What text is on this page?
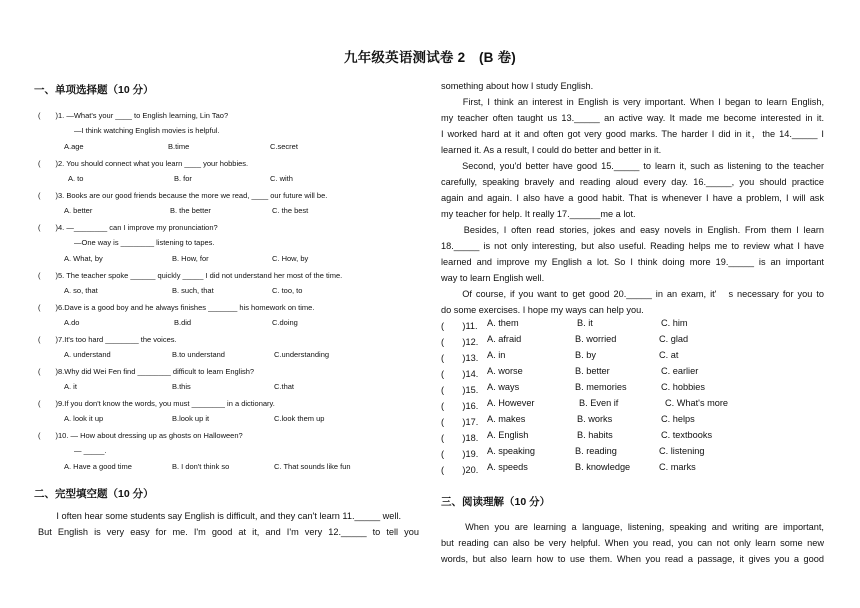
九年级英语测试卷 2　(B 卷)
一、单项选择题（10 分）
(　　)1. —What's your ____ to English learning, Lin Tao?
—I think watching English movies is helpful.
A.age	B.time	C.secret
(　　)2. You should connect what you learn ____ your hobbies.
A. to	B. for	C. with
(　　)3. Books are our good friends because the more we read, ____ our future will be.
A. better	B. the better	C. the best
(　　)4. —________ can I improve my pronunciation?
—One way is ________ listening to tapes.
A. What, by	B. How, for	C. How, by
(　　)5. The teacher spoke ______ quickly _____ I did not understand her most of the time.
A. so, that	B. such, that	C. too, to
(　　)6.Dave is a good boy and he always finishes _______ his homework on time.
A.do	B.did	C.doing
(　　)7.It's too hard ________ the voices.
A. understand	B.to understand	C.understanding
(　　)8.Why did Wei Fen find ________ difficult to learn English?
A. it	B.this	C.that
(　　)9.If you don't know the words, you must ________ in a dictionary.
A. look it up	B.look up it	C.look them up
(　　)10. — How about dressing up as ghosts on Halloween?
— _____.
A. Have a good time	B. I don't think so	C. That sounds like fun
二、完型填空题（10 分）
　　I often hear some students say English is difficult, and they can't learn 11._____ well.
But English is very easy for me. I'm good at it, and I'm very 12._____ to tell you
something about how I study English.
　　First, I think an interest in English is very important. When I began to learn English,
my teacher often taught us 13._____ an active way. It made me become interested in it.
I worked hard at it and often got very good marks. The harder I did in it，the 14._____ I
learned it. As a result, I could do better and better in it.
　　Second, you'd better have good 15._____ to learn it, such as listening to the teacher
carefully, speaking bravely and reading aloud every day. 16._____, you should practice
again and again. I also have a good habit. That is whenever I have a problem, I will ask
my teacher for help. It really 17.______me a lot.
　　Besides, I often read stories, jokes and easy novels in English. From them I learn
18._____ is not only interesting, but also useful. Reading helps me to review what I have
learned and improve my English a lot. So I think doing more 19._____ is an important
way to learn English well.
　　Of course, if you want to get good 20._____ in an exam, it'　s necessary for you to
do some exercises. I hope my ways can help you.
(　　)11. A. them	B. it	C. him
(　　)12. A. afraid	B. worried	C. glad
(　　)13. A. in	B. by	C. at
(　　)14. A. worse	B. better	C. earlier
(　　)15. A. ways	B. memories	C. hobbies
(　　)16. A. However	B. Even if	C. What's more
(　　)17. A. makes	B. works	C. helps
(　　)18. A. English	B. habits	C. textbooks
(　　)19. A. speaking	B. reading	C. listening
(　　)20. A. speeds	B. knowledge	C. marks
三、阅读理解（10 分）
　　When you are learning a language, listening, speaking and writing are important,
but reading can also be very helpful. When you read, you can not only learn some new
words, but also learn how to use them. When you read a passage, it gives you a good
